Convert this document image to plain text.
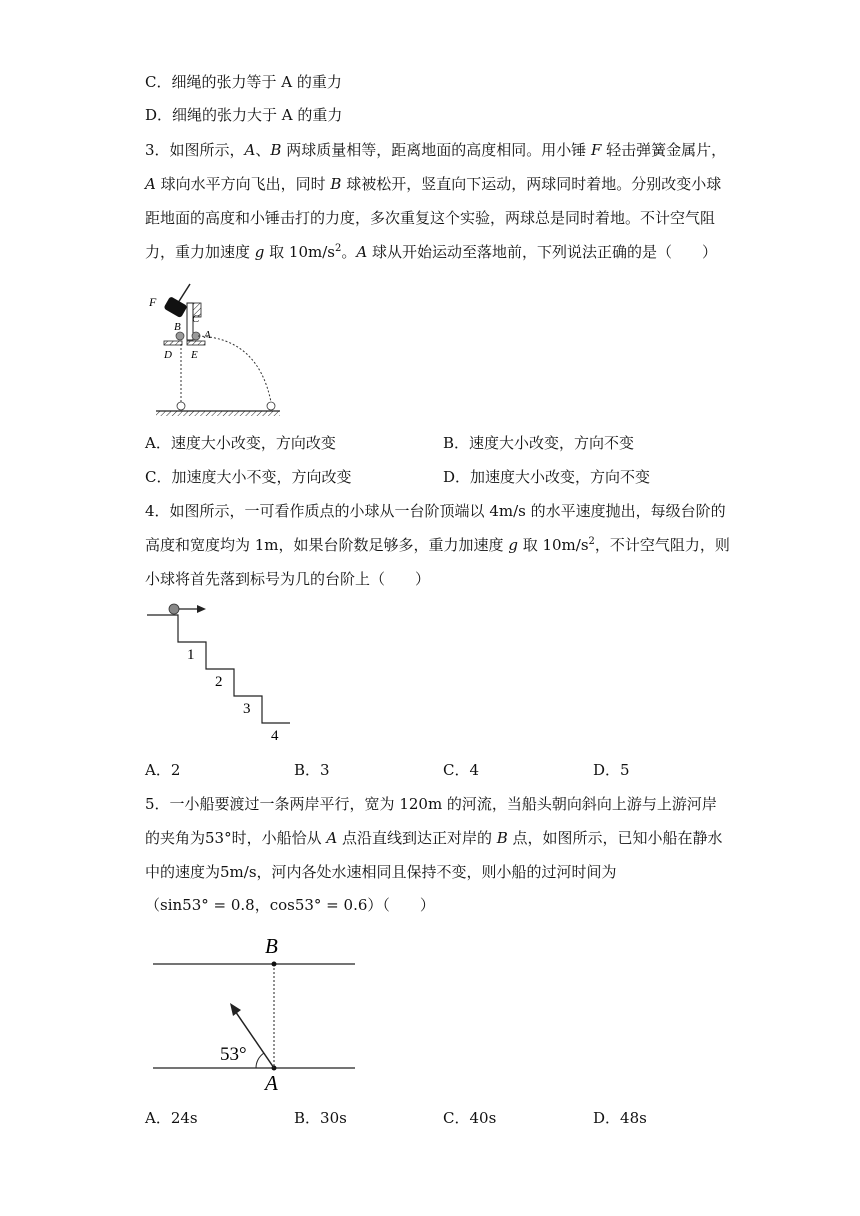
C．细绳的张力等于 A 的重力
D．细绳的张力大于 A 的重力
3．如图所示，A、B 两球质量相等，距离地面的高度相同。用小锤 F 轻击弹簧金属片，
A 球向水平方向飞出，同时 B 球被松开，竖直向下运动，两球同时着地。分别改变小球
距地面的高度和小锤击打的力度，多次重复这个实验，两球总是同时着地。不计空气阻
力，重力加速度 g 取 $10m/s^2$。A 球从开始运动至落地前，下列说法正确的是（　　）
F
B
C
A
D E
A．速度大小改变，方向改变	B．速度大小改变，方向不变
C．加速度大小不变，方向改变	D．加速度大小改变，方向不变
4．如图所示，一可看作质点的小球从一台阶顶端以 4m/s 的水平速度抛出，每级台阶的
高度和宽度均为 1m，如果台阶数足够多，重力加速度 g 取 $10m/s^2$，不计空气阻力，则
小球将首先落到标号为几的台阶上（　　）
1
2
3
4
A．2	B．3	C．4	D．5
5．一小船要渡过一条两岸平行，宽为 120m 的河流，当船头朝向斜向上游与上游河岸
的夹角为53°时，小船恰从 A 点沿直线到达正对岸的 B 点，如图所示，已知小船在静水
中的速度为5m/s，河内各处水速相同且保持不变，则小船的过河时间为
（sin53° = 0.8，cos53° = 0.6）（　　）
B
A
53°
A．24s	B．30s	C．40s	D．48s
